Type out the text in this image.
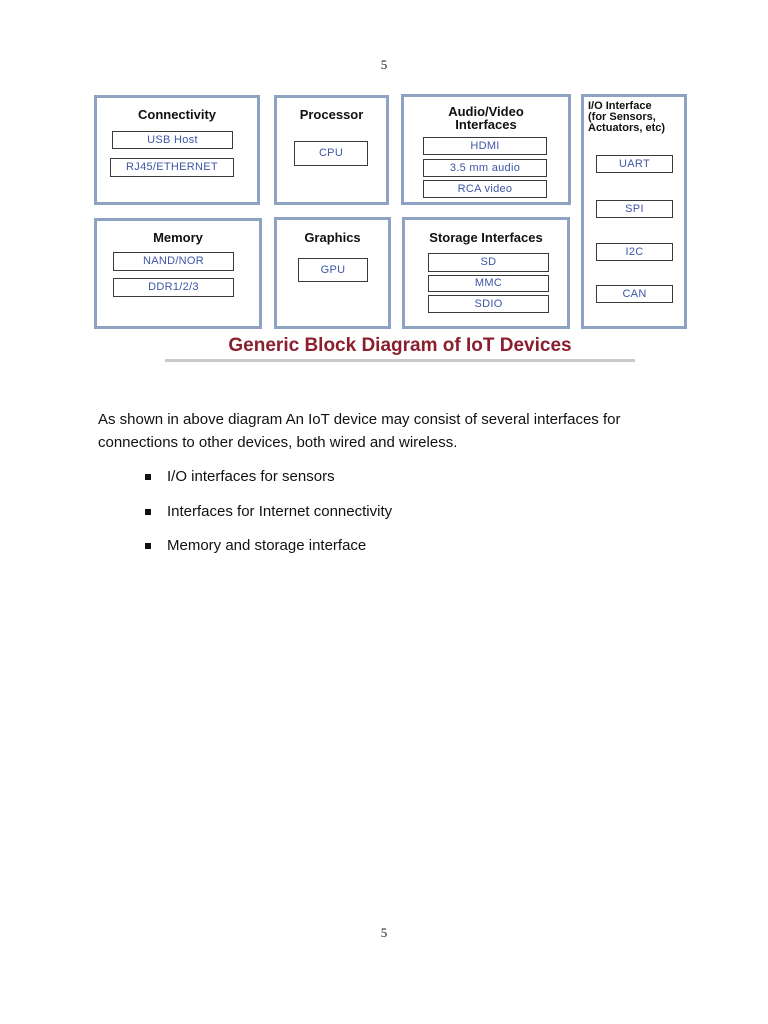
5
Connectivity
USB Host
RJ45/ETHERNET
Processor
CPU
Audio/Video
Interfaces
HDMI
3.5 mm audio
RCA video
I/O Interface
(for Sensors,
Actuators, etc)
UART
SPI
I2C
CAN
Memory
NAND/NOR
DDR1/2/3
Graphics
GPU
Storage Interfaces
SD
MMC
SDIO
Generic Block Diagram of IoT Devices
As shown in above diagram An IoT device may consist of several interfaces for connections to other devices, both wired and wireless.
I/O interfaces for sensors
Interfaces for Internet connectivity
Memory and storage interface
5
